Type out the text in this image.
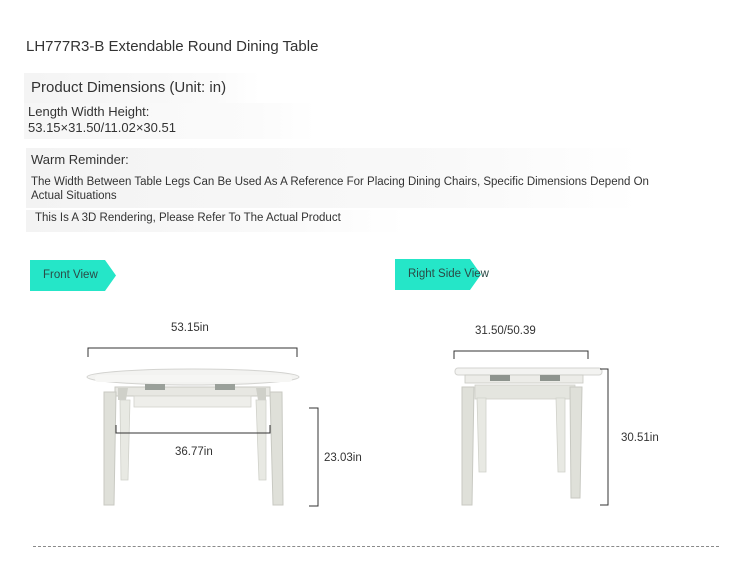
LH777R3-B Extendable Round Dining Table
Product Dimensions (Unit: in)
Length Width Height:
53.15×31.50/11.02×30.51
Warm Reminder:
The Width Between Table Legs Can Be Used As A Reference For Placing Dining Chairs, Specific Dimensions Depend On Actual Situations
This Is A 3D Rendering, Please Refer To The Actual Product
Front View	Right Side View
53.15in
36.77in	23.03in
31.50/50.39
30.51in
